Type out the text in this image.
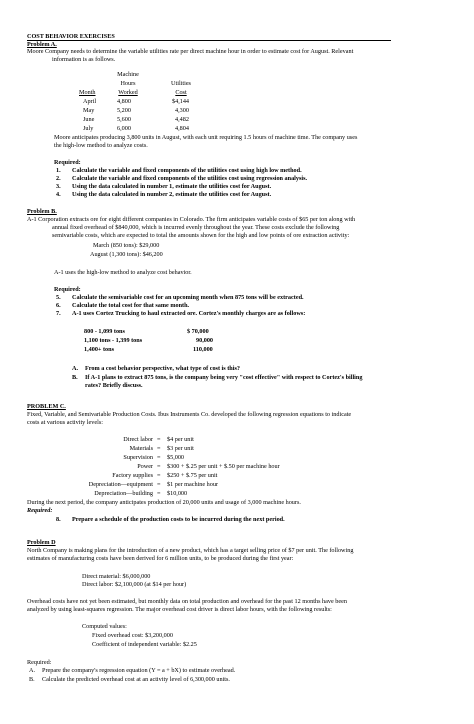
COST BEHAVIOR EXERCISES
Problem A.
Moore Company needs to determine the variable utilities rate per direct machine hour in order to estimate cost for August. Relevant
information is as follows.
Machine
Hours	Utilities
Month	Worked	Cost
April	4,800	$4,144
May	5,200	4,300
June	5,600	4,482
July	6,000	4,804
Moore anticipates producing 3,800 units in August, with each unit requiring 1.5 hours of machine time. The company uses
the high-low method to analyze costs.
Required:
1. Calculate the variable and fixed components of the utilities cost using high low method.
2. Calculate the variable and fixed components of the utilities cost using regression analysis.
3. Using the data calculated in number 1, estimate the utilities cost for August.
4. Using the data calculated in number 2, estimate the utilities cost for August.
Problem B.
A-1 Corporation extracts ore for eight different companies in Colorado. The firm anticipates variable costs of $65 per ton along with
annual fixed overhead of $840,000, which is incurred evenly throughout the year. These costs exclude the following
semivariable costs, which are expected to total the amounts shown for the high and low points of ore extraction activity:
March (850 tons): $29,000
August (1,300 tons): $46,200
A-1 uses the high-low method to analyze cost behavior.
Required:
5. Calculate the semivariable cost for an upcoming month when 875 tons will be extracted.
6. Calculate the total cost for that same month.
7. A-1 uses Cortez Trucking to haul extracted ore. Cortez's monthly charges are as follows:
800 - 1,099 tons	$ 70,000
1,100 tons - 1,399 tons	90,000
1,400+ tons	110,000
A. From a cost behavior perspective, what type of cost is this?
B. If A-1 plans to extract 875 tons, is the company being very "cost effective" with respect to Cortez's billing
rates? Briefly discuss.
PROBLEM C.
Fixed, Variable, and Semivariable Production Costs. Ibus Instruments Co. developed the following regression equations to indicate
costs at various activity levels:
Direct labor = $4 per unit
Materials = $3 per unit
Supervision = $5,000
Power = $300 + $.25 per unit + $.50 per machine hour
Factory supplies = $250 + $.75 per unit
Depreciation—equipment = $1 per machine hour
Depreciation—building = $10,000
During the next period, the company anticipates production of 20,000 units and usage of 3,000 machine hours.
Required:
8. Prepare a schedule of the production costs to be incurred during the next period.
Problem D
North Company is making plans for the introduction of a new product, which has a target selling price of $7 per unit. The following
estimates of manufacturing costs have been derived for 6 million units, to be produced during the first year:
Direct material: $6,000,000
Direct labor: $2,100,000 (at $14 per hour)
Overhead costs have not yet been estimated, but monthly data on total production and overhead for the past 12 months have been
analyzed by using least-squares regression. The major overhead cost driver is direct labor hours, with the following results:
Computed values:
Fixed overhead cost: $3,200,000
Coefficient of independent variable: $2.25
Required:
A. Prepare the company's regression equation (Y = a + bX) to estimate overhead.
B. Calculate the predicted overhead cost at an activity level of 6,300,000 units.
